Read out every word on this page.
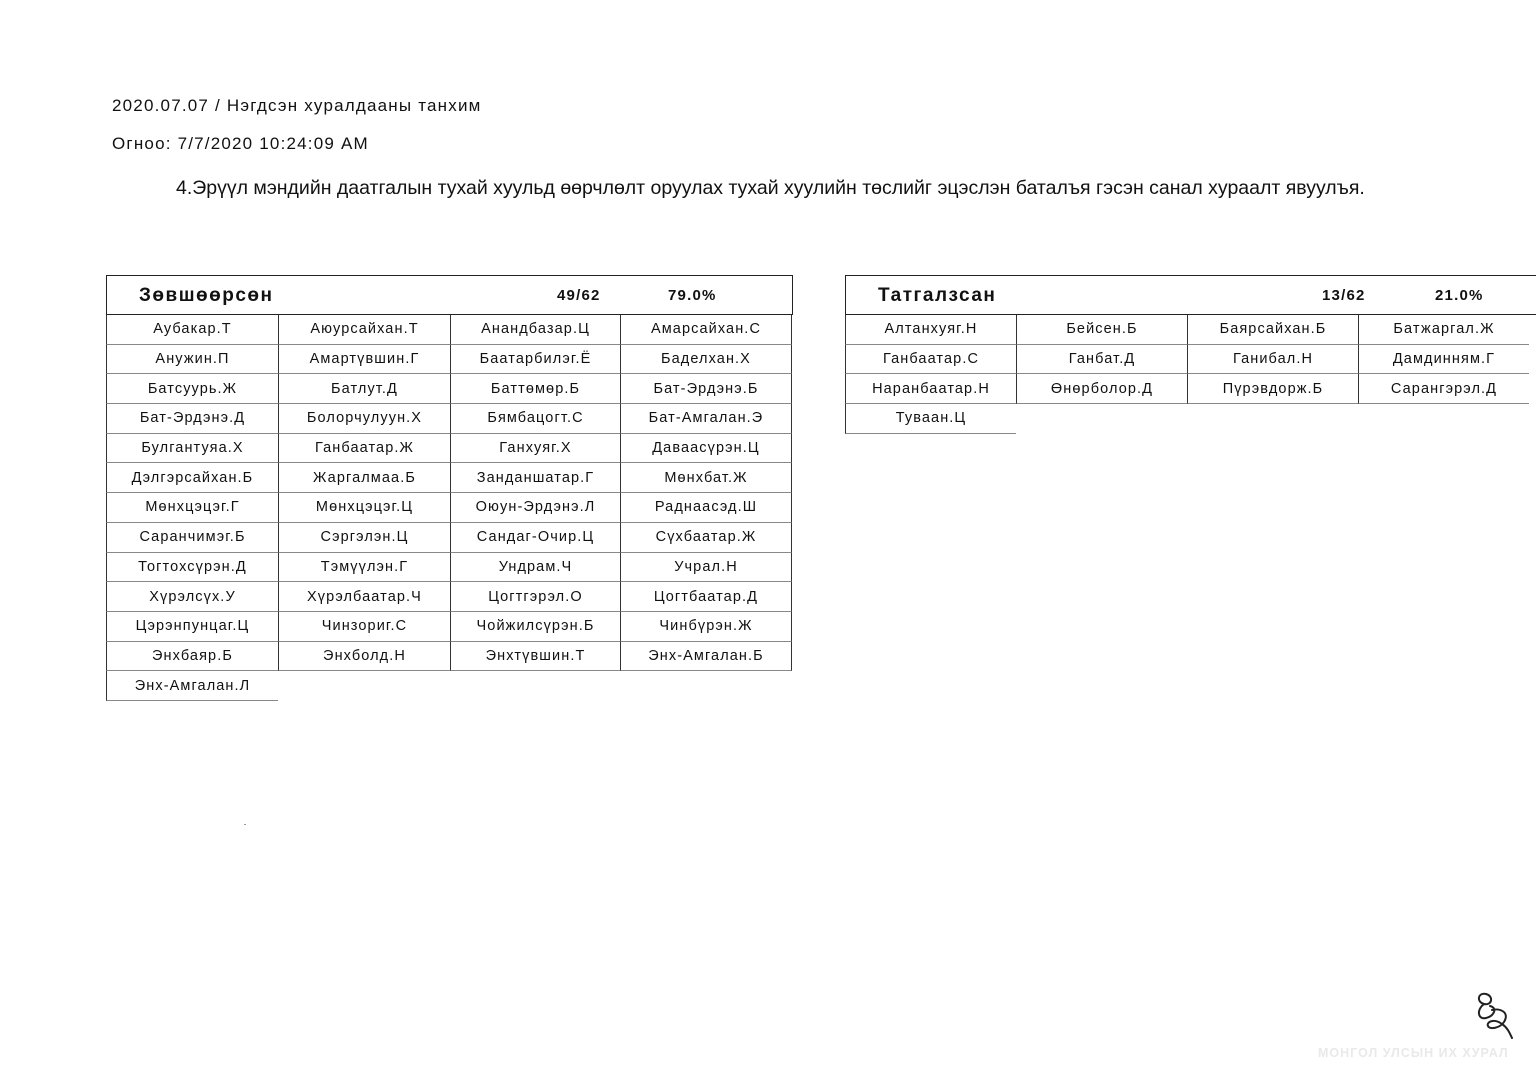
2020.07.07 / Нэгдсэн хуралдааны танхим
Огноо: 7/7/2020 10:24:09 AM
4.Эрүүл мэндийн даатгалын тухай хуульд өөрчлөлт оруулах тухай хуулийн төслийг эцэслэн баталъя гэсэн санал хураалт явуулъя.
Зөвшөөрсөн	49/62	79.0%
Аубакар.Т	Аюурсайхан.Т	Анандбазар.Ц	Амарсайхан.С
Анужин.П	Амартүвшин.Г	Баатарбилэг.Ё	Баделхан.Х
Батсуурь.Ж	Батлут.Д	Баттөмөр.Б	Бат-Эрдэнэ.Б
Бат-Эрдэнэ.Д	Болорчулуун.Х	Бямбацогт.С	Бат-Амгалан.Э
Булгантуяа.Х	Ганбаатар.Ж	Ганхуяг.Х	Даваасүрэн.Ц
Дэлгэрсайхан.Б	Жаргалмаа.Б	Занданшатар.Г	Мөнхбат.Ж
Мөнхцэцэг.Г	Мөнхцэцэг.Ц	Оюун-Эрдэнэ.Л	Раднаасэд.Ш
Саранчимэг.Б	Сэргэлэн.Ц	Сандаг-Очир.Ц	Сүхбаатар.Ж
Тогтохсүрэн.Д	Тэмүүлэн.Г	Ундрам.Ч	Учрал.Н
Хүрэлсүх.У	Хүрэлбаатар.Ч	Цогтгэрэл.О	Цогтбаатар.Д
Цэрэнпунцаг.Ц	Чинзориг.С	Чойжилсүрэн.Б	Чинбүрэн.Ж
Энхбаяр.Б	Энхболд.Н	Энхтүвшин.Т	Энх-Амгалан.Б
Энх-Амгалан.Л
Татгалзсан	13/62	21.0%
Алтанхуяг.Н	Бейсен.Б	Баярсайхан.Б	Батжаргал.Ж
Ганбаатар.С	Ганбат.Д	Ганибал.Н	Дамдинням.Г
Наранбаатар.Н	Өнөрболор.Д	Пүрэвдорж.Б	Сарангэрэл.Д
Туваан.Ц
МОНГОЛ УЛСЫН ИХ ХУРАЛ
